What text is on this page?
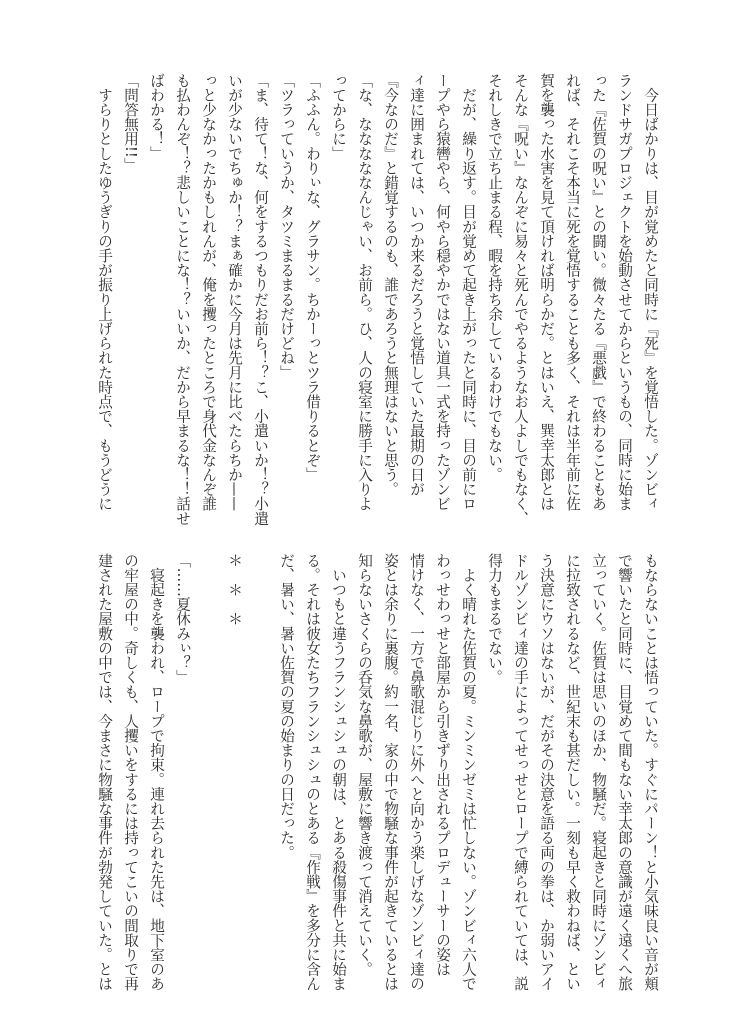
　今日ばかりは、目が覚めたと同時に『死』を覚悟した。ゾンビィ
ランドサガプロジェクトを始動させてからというもの、同時に始ま
った『佐賀の呪い』との闘い。微々たる『悪戯』で終わることもあ
れば、それこそ本当に死を覚悟することも多く、それは半年前に佐
賀を襲った水害を見て頂ければ明らかだ。とはいえ、巽幸太郎とは
そんな『呪い』なんぞに易々と死んでやるようなお人よしでもなく、
それしきで立ち止まる程、暇を持ち余しているわけでもない。
　だが、繰り返す。目が覚めて起き上がったと同時に、目の前にロ
ープやら猿轡やら、何やら穏やかではない道具一式を持ったゾンビ
ィ達に囲まれては、いつか来るだろうと覚悟していた最期の日が
『今なのだ』と錯覚するのも、誰であろうと無理はないと思う。
「な、なななななんじゃい、お前ら。ひ、人の寝室に勝手に入りよ
ってからに」
「ふふん。わりぃな、グラサン。ちかーっとツラ借りるとぞ」
「ツラっていうか、タツミまるまるだけどね」
「ま、待て！な、何をするつもりだお前ら！？こ、小遣いか！？小遣
いが少ないでちゅか！？まぁ確かに今月は先月に比べたらちか——
っと少なかったかもしれんが、俺を攫ったところで身代金なんぞ誰
も払わんぞ！？悲しいことにな！？いいか、だから早まるな！！話せ
ばわかる！」
「問答無用!!」
　すらりとしたゆうぎりの手が振り上げられた時点で、もうどうに
もならないことは悟っていた。すぐにパーン！と小気味良い音が頬
で響いたと同時に、目覚めて間もない幸太郎の意識が遠く遠くへ旅
立っていく。佐賀は思いのほか、物騒だ。寝起きと同時にゾンビィ
に拉致されるなど、世紀末も甚だしい。一刻も早く救わねば、とい
う決意にウソはないが、だがその決意を語る両の拳は、か弱いアイ
ドルゾンビィ達の手によってせっせとロープで縛られていては、説
得力もまるでない。
　よく晴れた佐賀の夏。ミンミンゼミは忙しない。ゾンビィ六人で
わっせわっせと部屋から引きずり出されるプロデューサーの姿は
情けなく、一方で鼻歌混じりに外へと向かう楽しげなゾンビィ達の
姿とは余りに裏腹。約一名、家の中で物騒な事件が起きているとは
知らないさくらの呑気な鼻歌が、屋敷に響き渡って消えていく。
　いつもと違うフランシュシュの朝は、とある殺傷事件と共に始ま
る。それは彼女たちフランシュシュのとある『作戦』を多分に含ん
だ、暑い、暑い佐賀の夏の始まりの日だった。

＊　＊　＊

「……夏休みぃ？」
　寝起きを襲われ、ロープで拘束。連れ去られた先は、地下室のあ
の牢屋の中。奇しくも、人攫いをするには持ってこいの間取りで再
建された屋敷の中では、今まさに物騒な事件が勃発していた。とは
